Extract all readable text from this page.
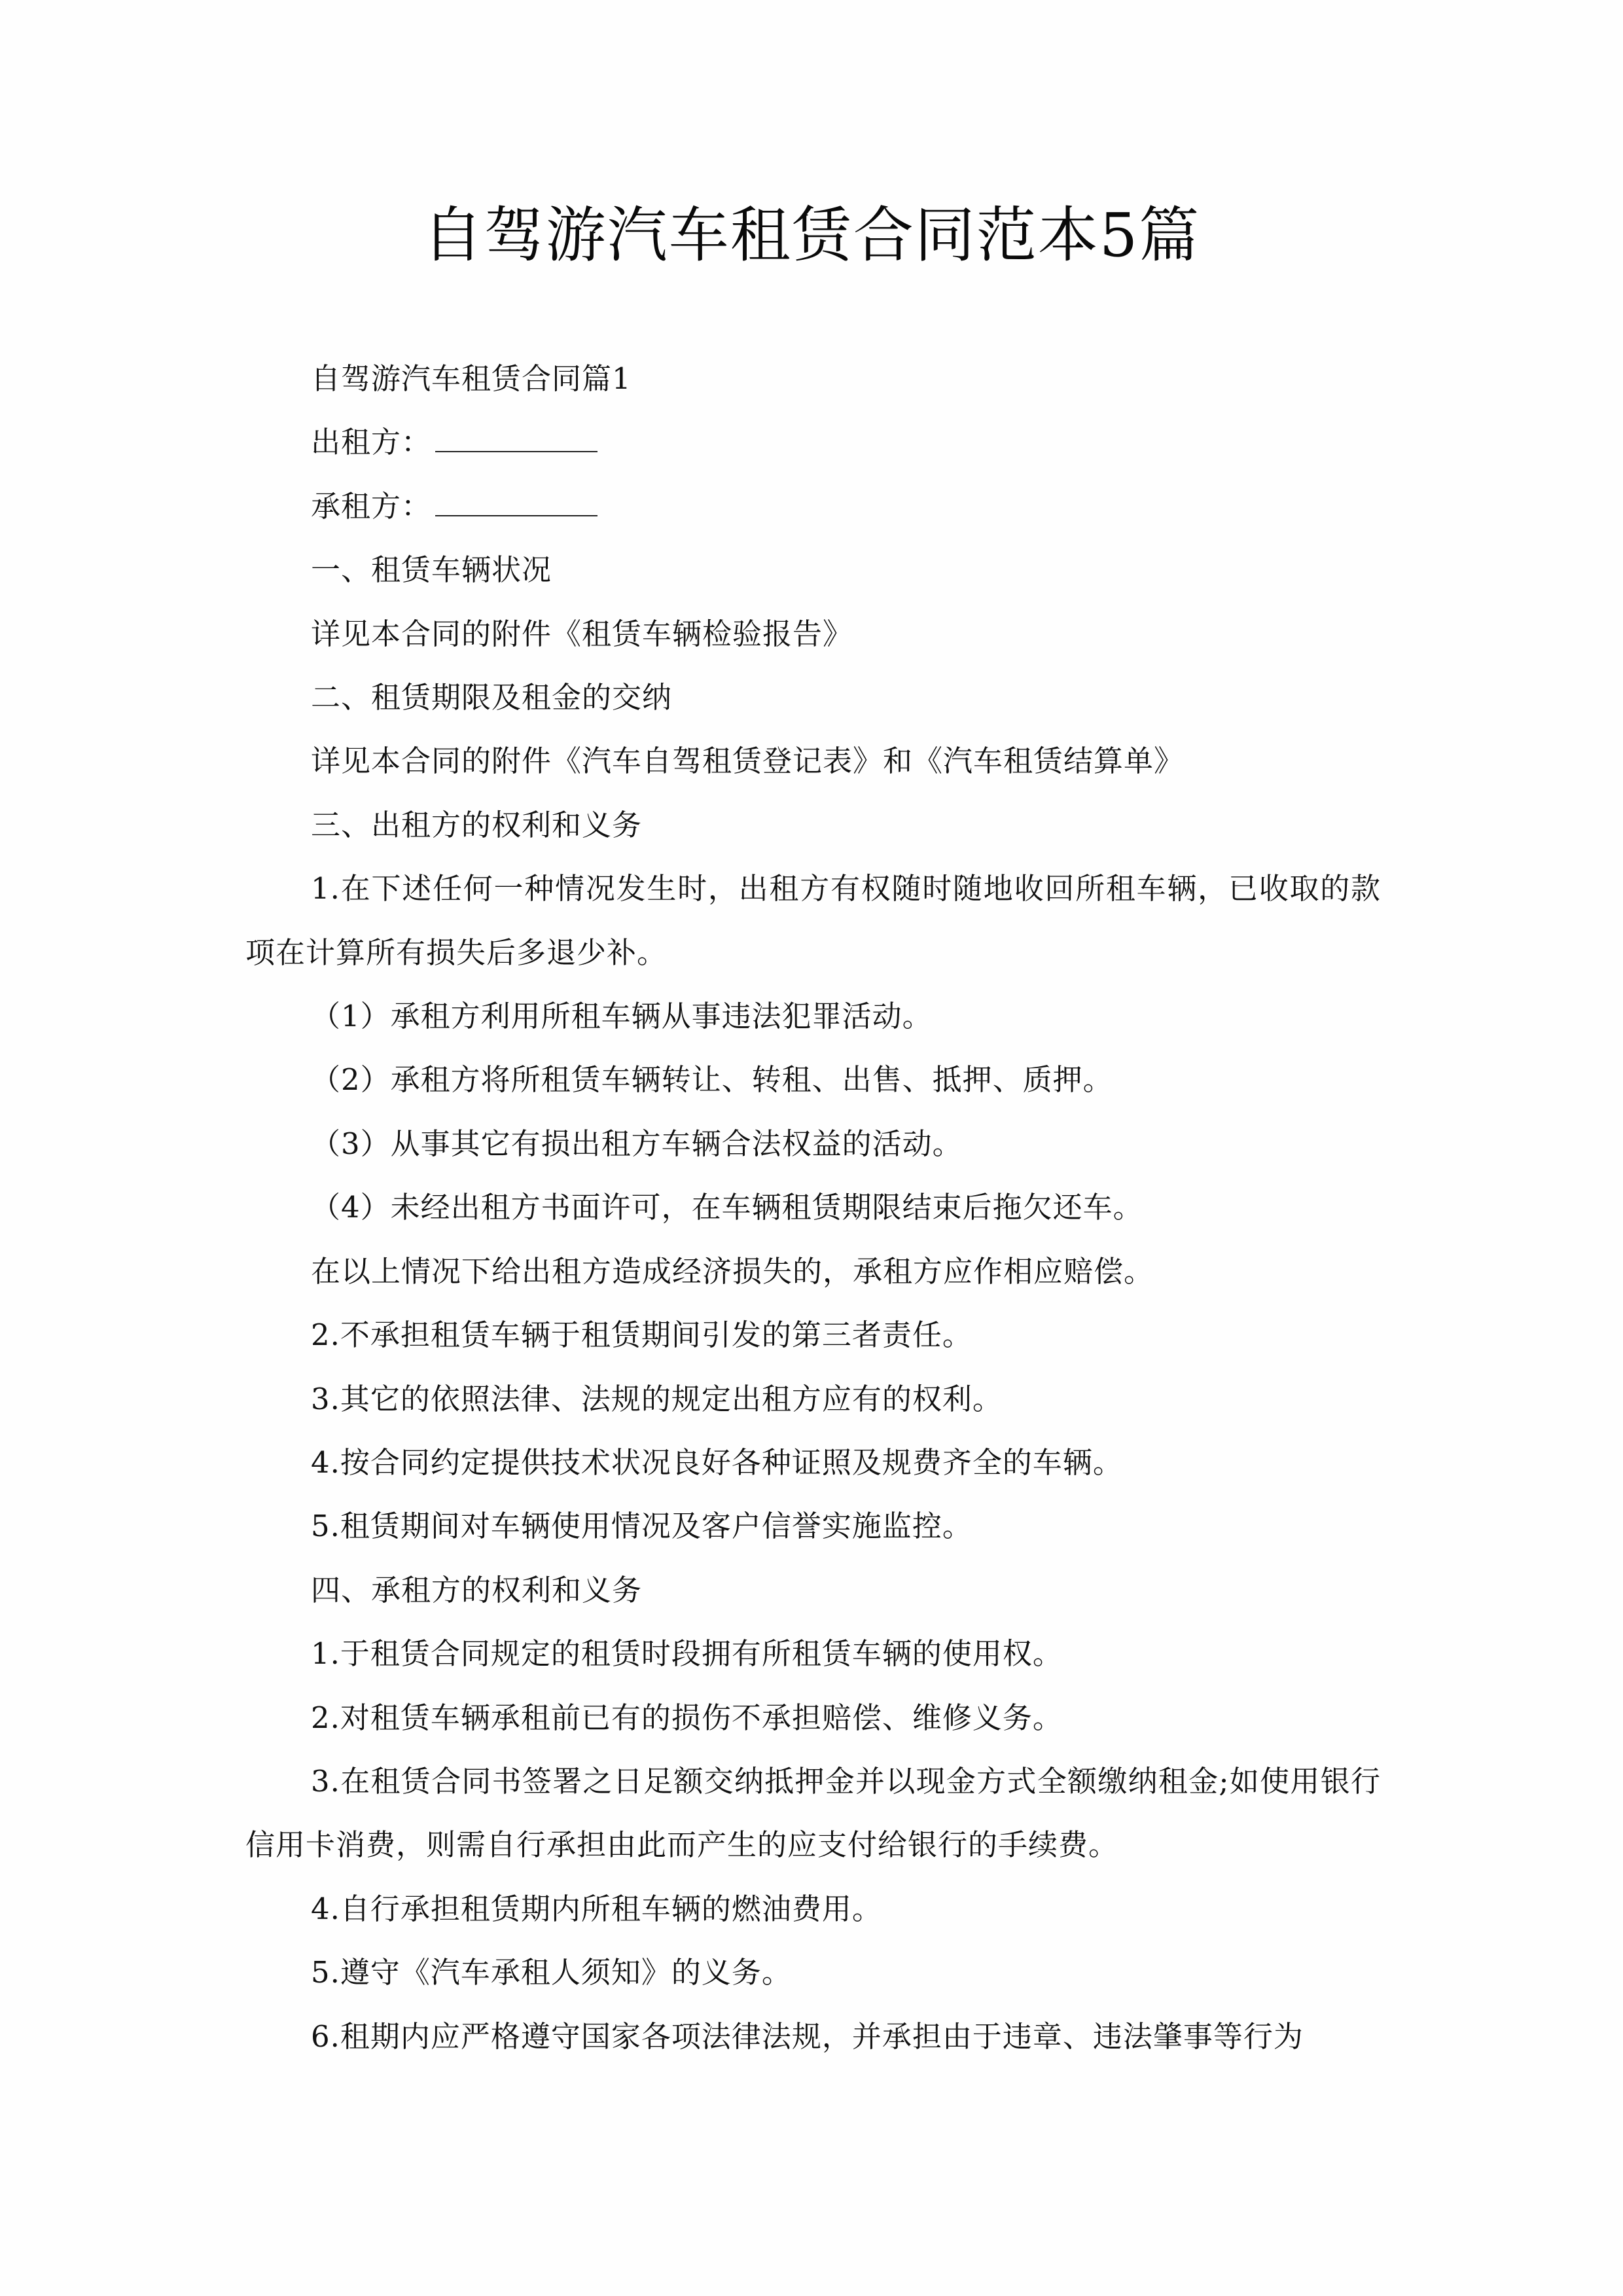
自驾游汽车租赁合同范本5篇

自驾游汽车租赁合同篇1

出租方：

承租方：

一、租赁车辆状况

详见本合同的附件《租赁车辆检验报告》

二、租赁期限及租金的交纳

详见本合同的附件《汽车自驾租赁登记表》和《汽车租赁结算单》

三、出租方的权利和义务

1.在下述任何一种情况发生时，出租方有权随时随地收回所租车辆，已收取的款项在计算所有损失后多退少补。

（1）承租方利用所租车辆从事违法犯罪活动。

（2）承租方将所租赁车辆转让、转租、出售、抵押、质押。

（3）从事其它有损出租方车辆合法权益的活动。

（4）未经出租方书面许可，在车辆租赁期限结束后拖欠还车。

在以上情况下给出租方造成经济损失的，承租方应作相应赔偿。

2.不承担租赁车辆于租赁期间引发的第三者责任。

3.其它的依照法律、法规的规定出租方应有的权利。

4.按合同约定提供技术状况良好各种证照及规费齐全的车辆。

5.租赁期间对车辆使用情况及客户信誉实施监控。

四、承租方的权利和义务

1.于租赁合同规定的租赁时段拥有所租赁车辆的使用权。

2.对租赁车辆承租前已有的损伤不承担赔偿、维修义务。

3.在租赁合同书签署之日足额交纳抵押金并以现金方式全额缴纳租金;如使用银行信用卡消费，则需自行承担由此而产生的应支付给银行的手续费。

4.自行承担租赁期内所租车辆的燃油费用。

5.遵守《汽车承租人须知》的义务。

6.租期内应严格遵守国家各项法律法规，并承担由于违章、违法肇事等行为
